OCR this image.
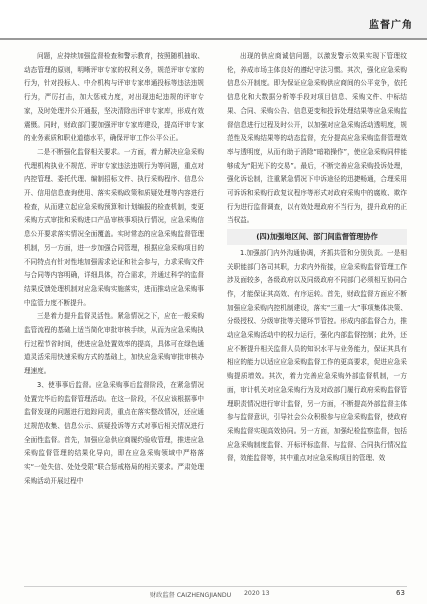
监督广角

问题，应持续加强监督检查和警示教育，按照随机抽取、动态管理的原则，明晰评审专家的权利义务，规范评审专家的行为，针对投标人、中介机构与评审专家串通投标等违法违规行为，严厉打击，加大惩戒力度，对出现违纪违规的评审专家，及时处理并公开通报，坚决清除出评审专家库，形成有效震慑。同时，财政部门要加强评审专家库建设，提高评审专家的业务素质和职业道德水平，确保评审工作公平公正。

二是不断强化监督相关要求。一方面，着力解决应急采购代理机构执业不规范、评审专家违法违规行为等问题，重点对内控管理、委托代理、编制招标文件、执行采购程序、信息公开、信用信息查询使用、落实采购政策和质疑处理等内容进行检查，从而建立起应急采购预算和计划编报的检查机制，变更采购方式审批和采购进口产品审核事项执行情况，应急采购信息公开要求落实情况全面覆盖。实时常态的应急采购监督管理机制，另一方面，进一步加强合同管理，根据应急采购项目的不同特点有针对性地加强需求论证和社会参与，力求采购文件与合同等内容明确，详细具体，符合需求，并通过科学的监督结果反馈处理机制对应急采购实施落实，进而推动应急采购事中监管力度不断提升。

三是着力提升监督灵活性。紧急情况之下，应在一般采购监管流程的基础上适当简化审批审核手续，从而为应急采购执行过程节省时间，使进应急处置效率的提高，具体可在绿色通道灵活采用快速采购方式的基础上，加快应急采购审批审核办理速度。

3、使事事后监督。应急采购事后监督阶段，在紧急情况处置完毕后的监督管理活动。在这一阶段，不仅应该根据事中监督发现的问题进行追踪问责，重点在落实整改情况，还应通过规范收集、信息公示、质疑投诉等方式对事后相关情况进行全面性监督。首先，加强应急供应商履约验收管理，推进应急采购监督管理的结果化导向，即在应急采购领域中严格落实“一处失信、处处受限”联合惩戒格局的相关要求。严肃处理采购活动开展过程中

出现的供应商诚信问题，以激发警示效果实现下管理纹伦，养成市场主体良好的遵纪守法习惯。其次，强化应急采购信息公开制度。即为保证应急采购供应商间的公平竞争，依托信息化和大数据分析等手段对项目信息、采购文件、中标结果、合同、采购公告、信息更变和投诉处理结果等应急采购监督信息进行过程及时公开，以加强对应急采购活动透明度，规范性及采购结果等的动态监督，充分提高应急采购监督管理效率与透明度，从而有助于消除“暗箱操作”，使应急采购同样能够成为“阳光下的交易”。最后，不断完善应急采购投诉处理，强化诉讼制，注重紧急情况下申诉途径的迅捷畅通，合理采用可诉诉和采购行政复议程序等形式对政府采购中的腐败、欺诈行为进行监督调查，以有效处理政府不当行为，提升政府的正当权益。

(四)加强地区间、部门间监督管理协作

1.加强部门内外沟通协调，齐抓共管和分别负责。一是相关职能部门各司其职，力求内外衔接，应急采购监督管理工作涉及面较多，各级政府以及同级政府不同部门必须相互协同合作，才能保证其高效、有序运转。首先，财政监督方面应不断加强应急采购内控机制建设，落实“三重一大”事项集体决策、分级授权、分级审批等关键环节管控。形成内部监督合力，推动应急采购活动中的权力运行，强化内部监督控制；此外，还应不断提升相关监督人员的知识水平与业务能力，保证其具有相应的能力以适应应急采购监督工作的更高要求，促进应急采购提质增效。其次，着力完善应急采购外部监督机制，一方面，审计机关对应急采购行为及对政部门履行政府采购监督管理职责情况进行审计监督，另一方面，不断提高外部监督主体参与监督意识，引导社会公众积极参与应急采购监督，使政府采购监督实现高效协同。另一方面，加强纪检监察监督，包括应急采购制度监督、开标评标监督、与监督、合同执行情况监督，效能监督等，其中重点对应急采购项目的管理、效

财政监督 CAIZHENGJIANDU 2020 13	63
